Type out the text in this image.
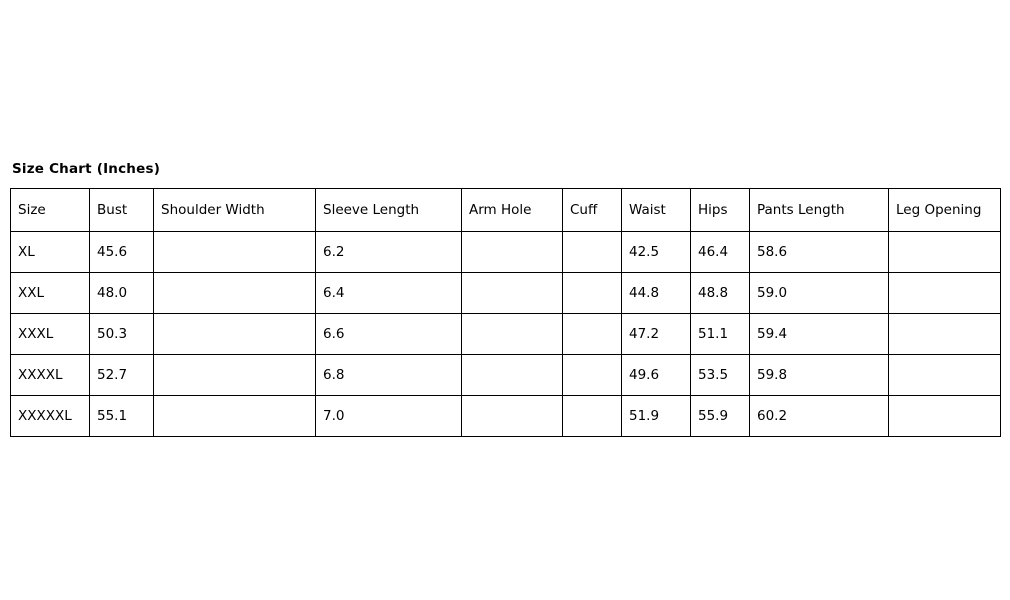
Size Chart (Inches)
Size	Bust	Shoulder Width	Sleeve Length	Arm Hole	Cuff	Waist	Hips	Pants Length	Leg Opening
XL	45.6		6.2			42.5	46.4	58.6	
XXL	48.0		6.4			44.8	48.8	59.0	
XXXL	50.3		6.6			47.2	51.1	59.4	
XXXXL	52.7		6.8			49.6	53.5	59.8	
XXXXXL	55.1		7.0			51.9	55.9	60.2	
